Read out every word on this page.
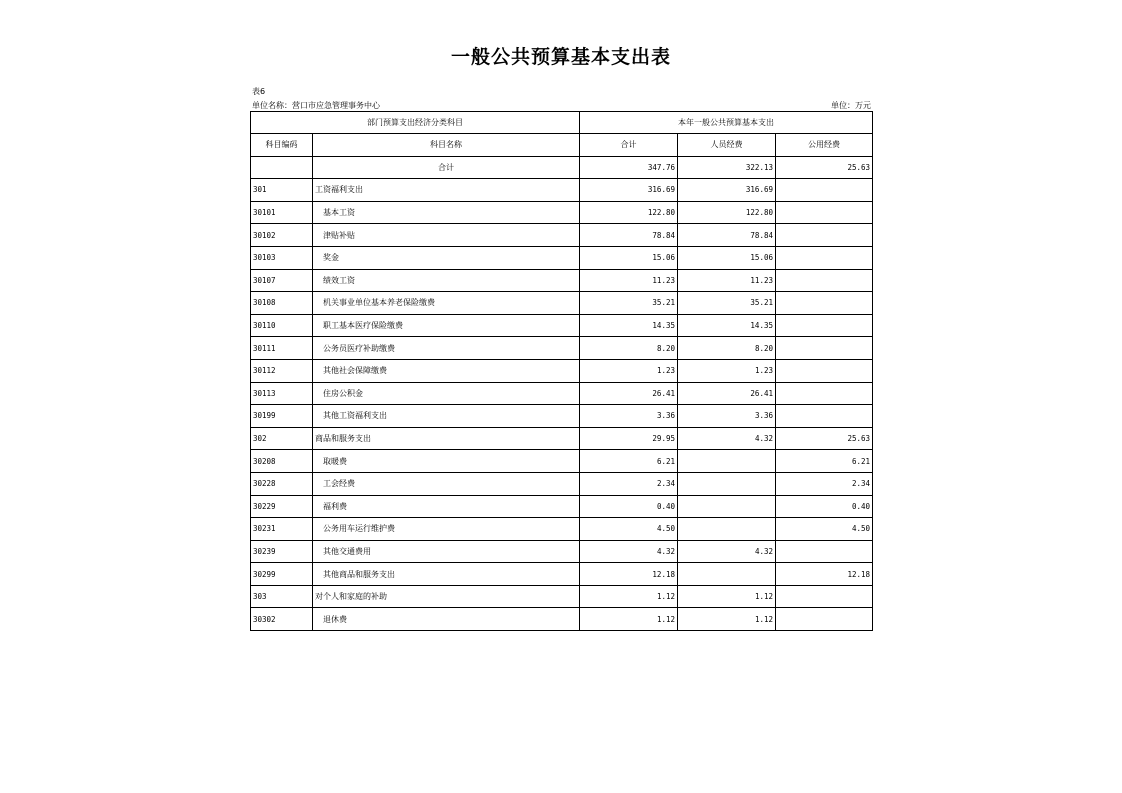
一般公共预算基本支出表
表6
单位名称：营口市应急管理事务中心	单位：万元
部门预算支出经济分类科目		本年一般公共预算基本支出		
科目编码	科目名称	合计	人员经费	公用经费
	合计	347.76	322.13	25.63
301	工资福利支出	316.69	316.69	
30101	基本工资	122.80	122.80	
30102	津贴补贴	78.84	78.84	
30103	奖金	15.06	15.06	
30107	绩效工资	11.23	11.23	
30108	机关事业单位基本养老保险缴费	35.21	35.21	
30110	职工基本医疗保险缴费	14.35	14.35	
30111	公务员医疗补助缴费	8.20	8.20	
30112	其他社会保障缴费	1.23	1.23	
30113	住房公积金	26.41	26.41	
30199	其他工资福利支出	3.36	3.36	
302	商品和服务支出	29.95	4.32	25.63
30208	取暖费	6.21		6.21
30228	工会经费	2.34		2.34
30229	福利费	0.40		0.40
30231	公务用车运行维护费	4.50		4.50
30239	其他交通费用	4.32	4.32	
30299	其他商品和服务支出	12.18		12.18
303	对个人和家庭的补助	1.12	1.12	
30302	退休费	1.12	1.12	
